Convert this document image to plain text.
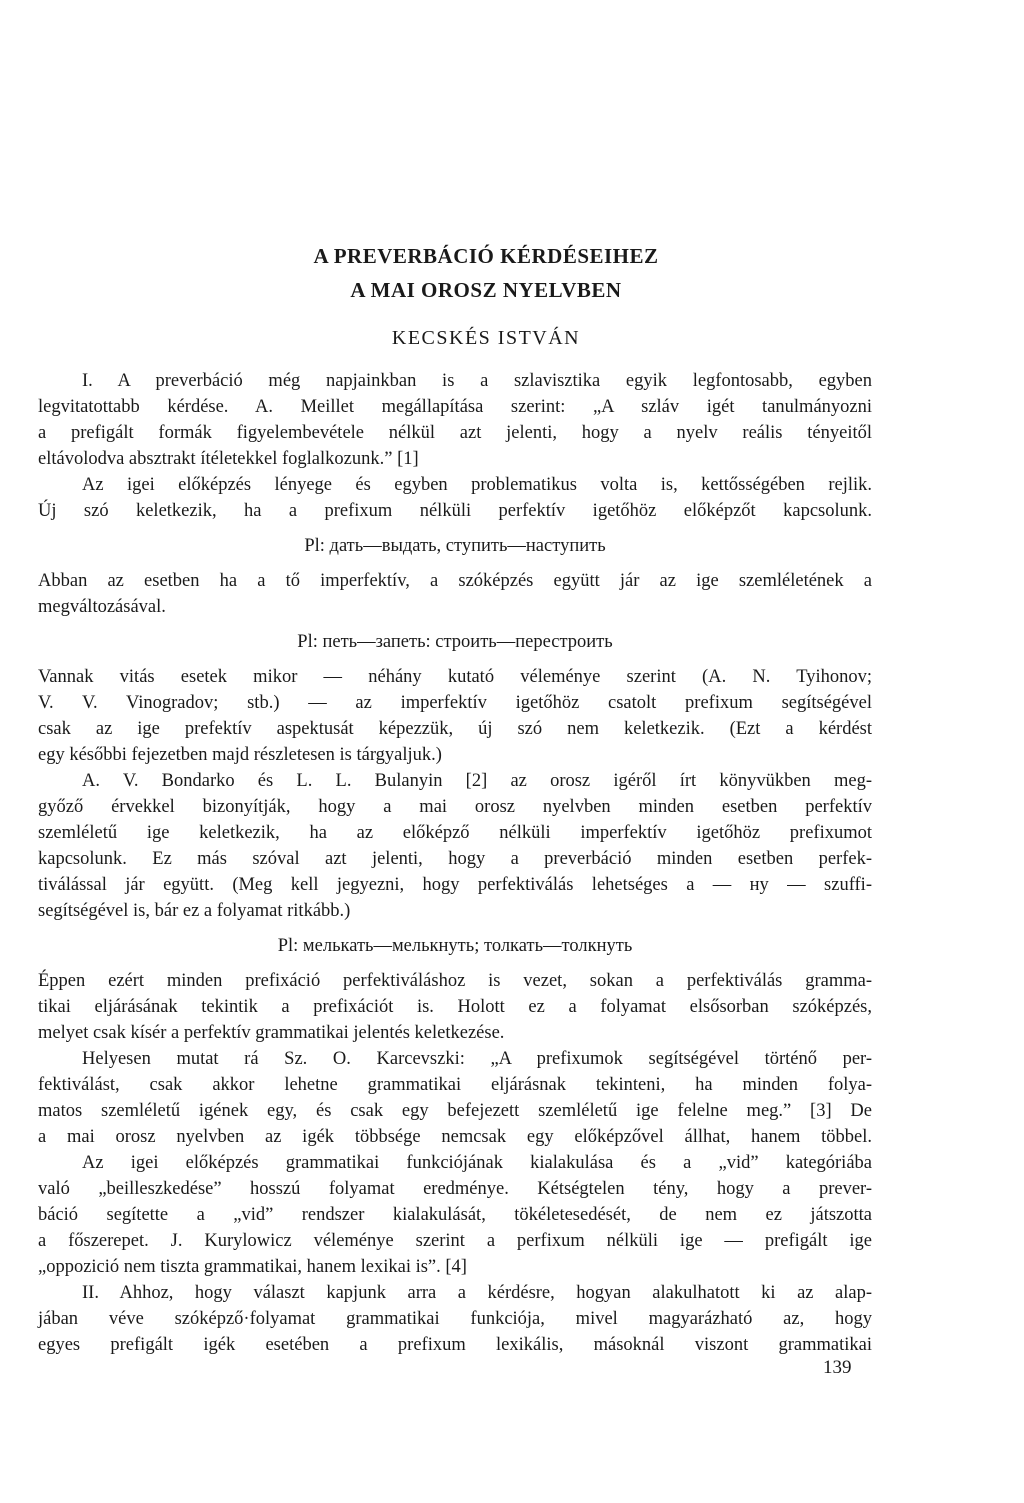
A PREVERBÁCIÓ KÉRDÉSEIHEZ
A MAI OROSZ NYELVBEN
KECSKÉS ISTVÁN
I. A preverbáció még napjainkban is a szlavisztika egyik legfontosabb, egyben
legvitatottabb kérdése. A. Meillet megállapítása szerint: „A szláv igét tanulmányozni
a prefigált formák figyelembevétele nélkül azt jelenti, hogy a nyelv reális tényeitől
eltávolodva absztrakt ítéletekkel foglalkozunk.” [1]
Az igei előképzés lényege és egyben problematikus volta is, kettősségében rejlik.
Új szó keletkezik, ha a prefixum nélküli perfektív igetőhöz előképzőt kapcsolunk.
Pl: дать—выдать, ступить—наступить
Abban az esetben ha a tő imperfektív, a szóképzés együtt jár az ige szemléletének a
megváltozásával.
Pl: петь—запеть: строить—перестроить
Vannak vitás esetek mikor — néhány kutató véleménye szerint (A. N. Tyihonov;
V. V. Vinogradov; stb.) — az imperfektív igetőhöz csatolt prefixum segítségével
csak az ige prefektív aspektusát képezzük, új szó nem keletkezik. (Ezt a kérdést
egy későbbi fejezetben majd részletesen is tárgyaljuk.)
A. V. Bondarko és L. L. Bulanyin [2] az orosz igéről írt könyvükben meg-
győző érvekkel bizonyítják, hogy a mai orosz nyelvben minden esetben perfektív
szemléletű ige keletkezik, ha az előképző nélküli imperfektív igetőhöz prefixumot
kapcsolunk. Ez más szóval azt jelenti, hogy a preverbáció minden esetben perfek-
tiválással jár együtt. (Meg kell jegyezni, hogy perfektiválás lehetséges a — ну — szuffi-
segítségével is, bár ez a folyamat ritkább.)
Pl: мелькать—мелькнуть; толкать—толкнуть
Éppen ezért minden prefixáció perfektiváláshoz is vezet, sokan a perfektiválás gramma-
tikai eljárásának tekintik a prefixációt is. Holott ez a folyamat elsősorban szóképzés,
melyet csak kísér a perfektív grammatikai jelentés keletkezése.
Helyesen mutat rá Sz. O. Karcevszki: „A prefixumok segítségével történő per-
fektiválást, csak akkor lehetne grammatikai eljárásnak tekinteni, ha minden folya-
matos szemléletű igének egy, és csak egy befejezett szemléletű ige felelne meg.” [3] De
a mai orosz nyelvben az igék többsége nemcsak egy előképzővel állhat, hanem többel.
Az igei előképzés grammatikai funkciójának kialakulása és a „vid” kategóriába
való „beilleszkedése” hosszú folyamat eredménye. Kétségtelen tény, hogy a prever-
báció segítette a „vid” rendszer kialakulását, tökéletesedését, de nem ez játszotta
a főszerepet. J. Kurylowicz véleménye szerint a perfixum nélküli ige — prefigált ige
„oppozició nem tiszta grammatikai, hanem lexikai is”. [4]
II. Ahhoz, hogy választ kapjunk arra a kérdésre, hogyan alakulhatott ki az alap-
jában véve szóképző·folyamat grammatikai funkciója, mivel magyarázható az, hogy
egyes prefigált igék esetében a prefixum lexikális, másoknál viszont grammatikai
139
